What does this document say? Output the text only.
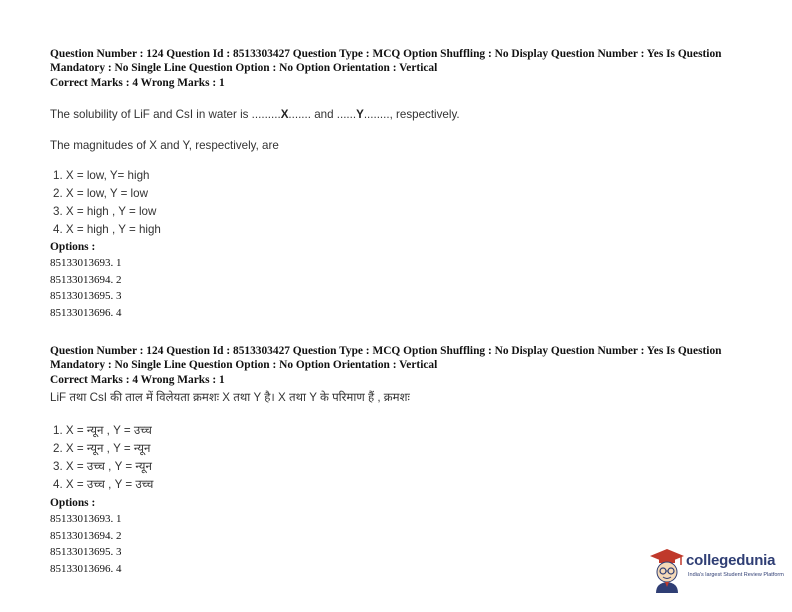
Question Number : 124 Question Id : 8513303427 Question Type : MCQ Option Shuffling : No Display Question Number : Yes Is Question Mandatory : No Single Line Question Option : No Option Orientation : Vertical
Correct Marks : 4 Wrong Marks : 1
The solubility of LiF and CsI in water is .........X....... and ......Y........, respectively.
The magnitudes of X and Y, respectively, are
1. X = low, Y= high
2. X = low, Y = low
3. X = high , Y = low
4. X = high , Y = high
Options :
85133013693. 1
85133013694. 2
85133013695. 3
85133013696. 4
Question Number : 124 Question Id : 8513303427 Question Type : MCQ Option Shuffling : No Display Question Number : Yes Is Question Mandatory : No Single Line Question Option : No Option Orientation : Vertical
Correct Marks : 4 Wrong Marks : 1
LiF तथा CsI की ताल में विलेयता क्रमशः X तथा Y है। X तथा Y के परिमाण हैं , क्रमशः
1. X = न्यून , Y = उच्च
2. X = न्यून , Y = न्यून
3. X = उच्च , Y = न्यून
4. X = उच्च , Y = उच्च
Options :
85133013693. 1
85133013694. 2
85133013695. 3
85133013696. 4	collegedunia
India's largest Student Review Platform
